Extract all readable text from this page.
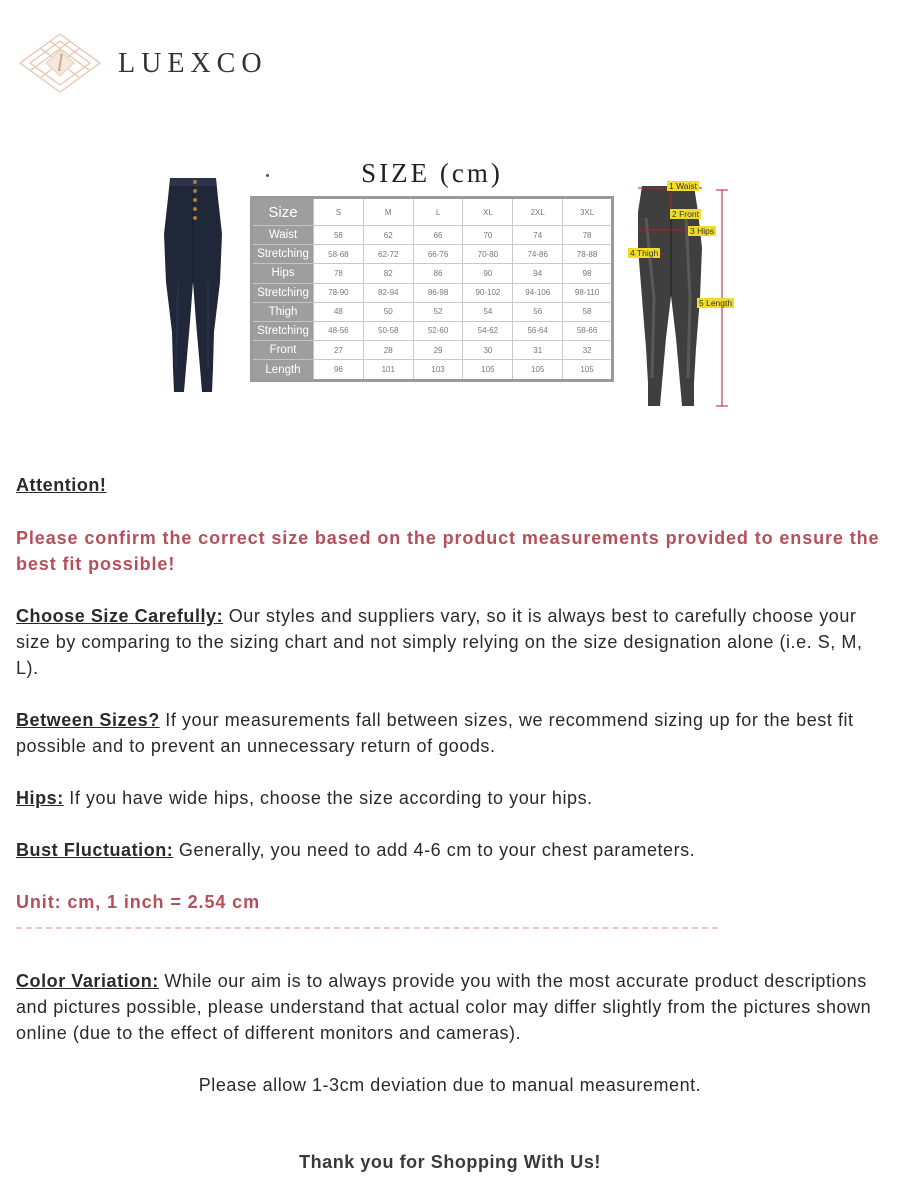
l LUEXCO
SIZE (cm)
Size	S	M	L	XL	2XL	3XL
Waist	58	62	66	70	74	78
Stretching	58-68	62-72	66-76	70-80	74-86	78-88
Hips	78	82	86	90	94	98
Stretching	78-90	82-94	86-98	90-102	94-106	98-110
Thigh	48	50	52	54	56	58
Stretching	48-56	50-58	52-60	54-62	56-64	58-66
Front	27	28	29	30	31	32
Length	96	101	103	105	105	105
1 Waist
2 Front
3 Hips
4 Thigh
5 Length

Attention!

Please confirm the correct size based on the product measurements provided to ensure the best fit possible!

Choose Size Carefully: Our styles and suppliers vary, so it is always best to carefully choose your size by comparing to the sizing chart and not simply relying on the size designation alone (i.e. S, M, L).

Between Sizes? If your measurements fall between sizes, we recommend sizing up for the best fit possible and to prevent an unnecessary return of goods.

Hips: If you have wide hips, choose the size according to your hips.

Bust Fluctuation: Generally, you need to add 4-6 cm to your chest parameters.

Unit: cm, 1 inch = 2.54 cm

Color Variation: While our aim is to always provide you with the most accurate product descriptions and pictures possible, please understand that actual color may differ slightly from the pictures shown online (due to the effect of different monitors and cameras).

Please allow 1-3cm deviation due to manual measurement.

Thank you for Shopping With Us!
